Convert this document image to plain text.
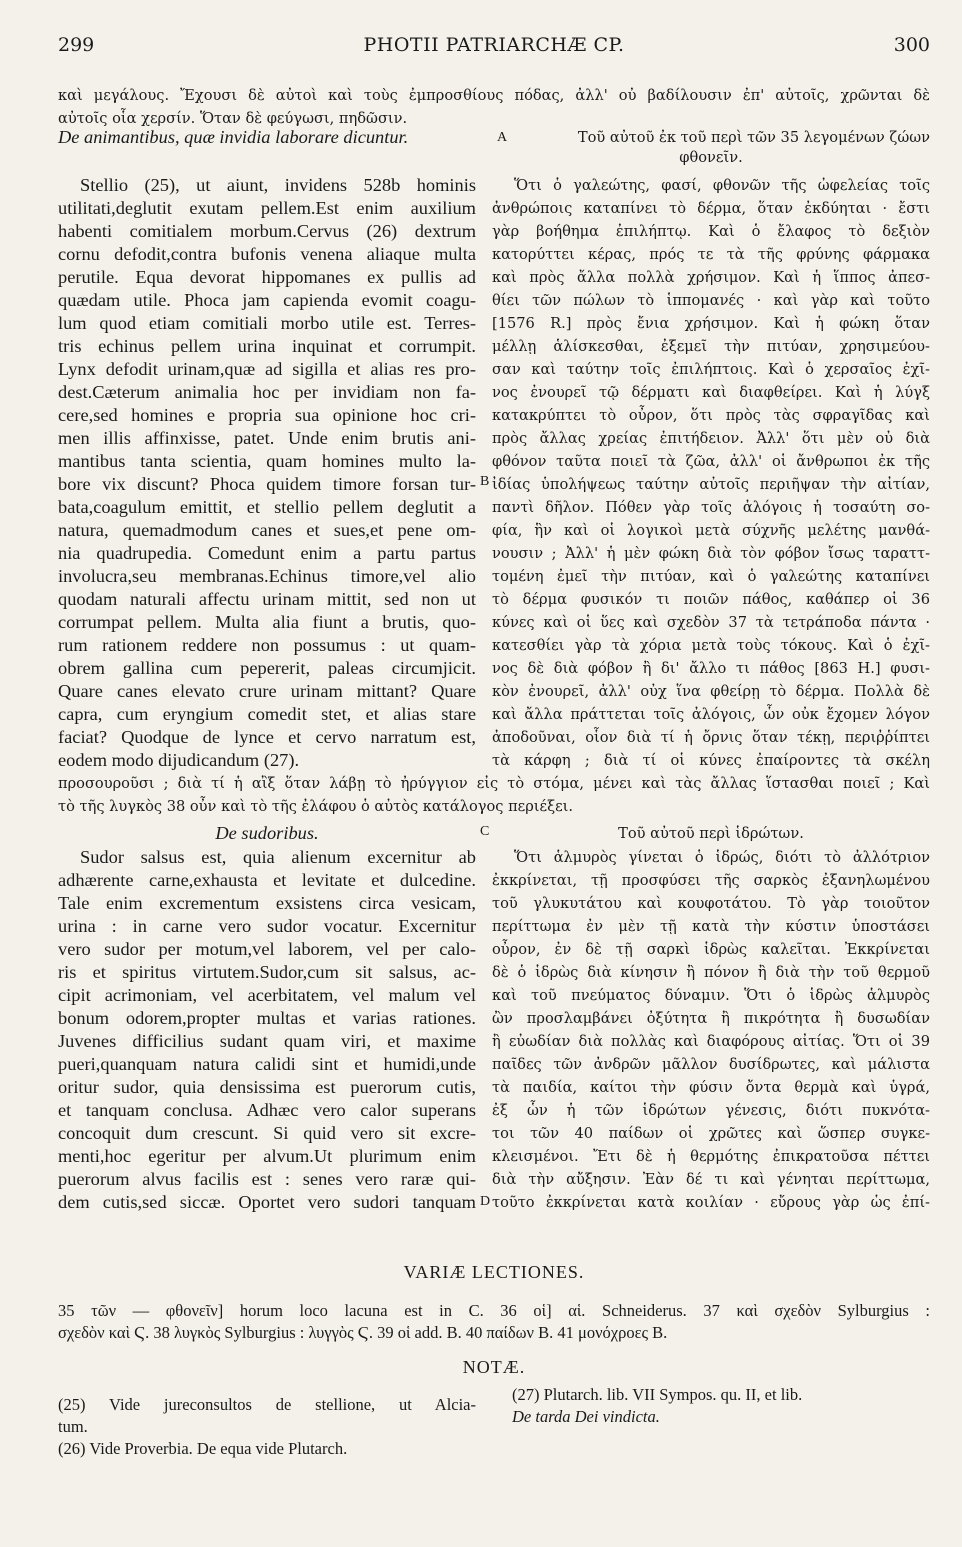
299	PHOTII PATRIARCHÆ CP.	300
καὶ μεγάλους. Ἔχουσι δὲ αὐτοὶ καὶ τοὺς ἐμπροσθίους πόδας, ἀλλ' οὐ βαδίλουσιν ἐπ' αὐτοῖς, χρῶνται δὲ
αὐτοῖς οἷα χερσίν. Ὅταν δὲ φεύγωσι, πηδῶσιν.
De animantibus, quæ invidia laborare dicuntur.	A	Τοῦ αὐτοῦ ἐκ τοῦ περὶ τῶν 35 λεγομένων ζώων
φθονεῖν.
Stellio (25), ut aiunt, invidens 528b hominis
utilitati,deglutit exutam pellem.Est enim auxilium
habenti comitialem morbum.Cervus (26) dextrum
cornu defodit,contra bufonis venena aliaque multa
perutile. Equa devorat hippomanes ex pullis ad
quædam utile. Phoca jam capienda evomit coagu-
lum quod etiam comitiali morbo utile est. Terres-
tris echinus pellem urina inquinat et corrumpit.
Lynx defodit urinam,quæ ad sigilla et alias res pro-
dest.Cæterum animalia hoc per invidiam non fa-
cere,sed homines e propria sua opinione hoc cri-
men illis affinxisse, patet. Unde enim brutis ani-
mantibus tanta scientia, quam homines multo la-
bore vix discunt? Phoca quidem timore forsan tur-
bata,coagulum emittit, et stellio pellem deglutit a
natura, quemadmodum canes et sues,et pene om-
nia quadrupedia. Comedunt enim a partu partus
involucra,seu membranas.Echinus timore,vel alio
quodam naturali affectu urinam mittit, sed non ut
corrumpat pellem. Multa alia fiunt a brutis, quo-
rum rationem reddere non possumus : ut quam-
obrem gallina cum pepererit, paleas circumjicit.
Quare canes elevato crure urinam mittant? Quare
capra, cum eryngium comedit stet, et alias stare
faciat? Quodque de lynce et cervo narratum est,
eodem modo dijudicandum (27).
B
Ὅτι ὁ γαλεώτης, φασί, φθονῶν τῆς ὠφελείας τοῖς
ἀνθρώποις καταπίνει τὸ δέρμα, ὅταν ἐκδύηται · ἔστι
γὰρ βοήθημα ἐπιλήπτῳ. Καὶ ὁ ἔλαφος τὸ δεξιὸν
κατορύττει κέρας, πρός τε τὰ τῆς φρύνης φάρμακα
καὶ πρὸς ἄλλα πολλὰ χρήσιμον. Καὶ ἡ ἵππος ἀπεσ-
θίει τῶν πώλων τὸ ἱππομανές · καὶ γὰρ καὶ τοῦτο
[1576 R.] πρὸς ἔνια χρήσιμον. Καὶ ἡ φώκη ὅταν
μέλλῃ ἁλίσκεσθαι, ἐξεμεῖ τὴν πιτύαν, χρησιμεύου-
σαν καὶ ταύτην τοῖς ἐπιλήπτοις. Καὶ ὁ χερσαῖος ἐχῖ-
νος ἐνουρεῖ τῷ δέρματι καὶ διαφθείρει. Καὶ ἡ λύγξ
κατακρύπτει τὸ οὖρον, ὅτι πρὸς τὰς σφραγῖδας καὶ
πρὸς ἄλλας χρείας ἐπιτήδειον. Ἀλλ' ὅτι μὲν οὐ διὰ
φθόνον ταῦτα ποιεῖ τὰ ζῶα, ἀλλ' οἱ ἄνθρωποι ἐκ τῆς
ἰδίας ὑπολήψεως ταύτην αὐτοῖς περιῆψαν τὴν αἰτίαν,
παντὶ δῆλον. Πόθεν γὰρ τοῖς ἀλόγοις ἡ τοσαύτη σο-
φία, ἣν καὶ οἱ λογικοὶ μετὰ σύχνῆς μελέτης μανθά-
νουσιν ; Ἀλλ' ἡ μὲν φώκη διὰ τὸν φόβον ἴσως ταραττ-
τομένη ἐμεῖ τὴν πιτύαν, καὶ ὁ γαλεώτης καταπίνει
τὸ δέρμα φυσικόν τι ποιῶν πάθος, καθάπερ οἱ 36
κύνες καὶ οἱ ὕες καὶ σχεδὸν 37 τὰ τετράποδα πάντα ·
κατεσθίει γὰρ τὰ χόρια μετὰ τοὺς τόκους. Καὶ ὁ ἐχῖ-
νος δὲ διὰ φόβον ἢ δι' ἄλλο τι πάθος [863 H.] φυσι-
κὸν ἐνουρεῖ, ἀλλ' οὐχ ἵνα φθείρῃ τὸ δέρμα. Πολλὰ δὲ
καὶ ἄλλα πράττεται τοῖς ἀλόγοις, ὧν οὐκ ἔχομεν λόγον
ἀποδοῦναι, οἷον διὰ τί ἡ ὄρνις ὅταν τέκῃ, περιῤῥίπτει
τὰ κάρφη ; διὰ τί οἱ κύνες ἐπαίροντες τὰ σκέλη
προσουροῦσι ; διὰ τί ἡ αἲξ ὅταν λάβῃ τὸ ἠρύγγιον εἰς τὸ στόμα, μένει καὶ τὰς ἄλλας ἵστασθαι ποιεῖ ; Καὶ
τὸ τῆς λυγκὸς 38 οὖν καὶ τὸ τῆς ἐλάφου ὁ αὐτὸς κατάλογος περιέξει.
De sudoribus.	C	Τοῦ αὐτοῦ περὶ ἱδρώτων.
Sudor salsus est, quia alienum excernitur ab
adhærente carne,exhausta et levitate et dulcedine.
Tale enim excrementum exsistens circa vesicam,
urina : in carne vero sudor vocatur. Excernitur
vero sudor per motum,vel laborem, vel per calo-
ris et spiritus virtutem.Sudor,cum sit salsus, ac-
cipit acrimoniam, vel acerbitatem, vel malum vel
bonum odorem,propter multas et varias rationes.
Juvenes difficilius sudant quam viri, et maxime
pueri,quanquam natura calidi sint et humidi,unde
oritur sudor, quia densissima est puerorum cutis,
et tanquam conclusa. Adhæc vero calor superans
concoquit dum crescunt. Si quid vero sit excre-
menti,hoc egeritur per alvum.Ut plurimum enim
puerorum alvus facilis est : senes vero raræ qui-
dem cutis,sed siccæ. Oportet vero sudori tanquam D
Ὅτι ἁλμυρὸς γίνεται ὁ ἱδρώς, διότι τὸ ἀλλότριον
ἐκκρίνεται, τῇ προσφύσει τῆς σαρκὸς ἐξανηλωμένου
τοῦ γλυκυτάτου καὶ κουφοτάτου. Τὸ γὰρ τοιοῦτον
περίττωμα ἐν μὲν τῇ κατὰ τὴν κύστιν ὑποστάσει
οὖρον, ἐν δὲ τῇ σαρκὶ ἱδρὼς καλεῖται. Ἐκκρίνεται
δὲ ὁ ἱδρὼς διὰ κίνησιν ἢ πόνον ἢ διὰ τὴν τοῦ θερμοῦ
καὶ τοῦ πνεύματος δύναμιν. Ὅτι ὁ ἱδρὼς ἁλμυρὸς
ὢν προσλαμβάνει ὀξύτητα ἢ πικρότητα ἢ δυσωδίαν
ἢ εὐωδίαν διὰ πολλὰς καὶ διαφόρους αἰτίας. Ὅτι οἱ 39
παῖδες τῶν ἀνδρῶν μᾶλλον δυσίδρωτες, καὶ μάλιστα
τὰ παιδία, καίτοι τὴν φύσιν ὄντα θερμὰ καὶ ὑγρά,
ἐξ ὧν ἡ τῶν ἱδρώτων γένεσις, διότι πυκνότα-
τοι τῶν 40 παίδων οἱ χρῶτες καὶ ὥσπερ συγκε-
κλεισμένοι. Ἔτι δὲ ἡ θερμότης ἐπικρατοῦσα πέττει
διὰ τὴν αὔξησιν. Ἐὰν δέ τι καὶ γένηται περίττωμα,
τοῦτο ἐκκρίνεται κατὰ κοιλίαν · εὔρους γὰρ ὡς ἐπί-
VARIÆ LECTIONES.
35 τῶν — φθονεῖν] horum loco lacuna est in C. 36 οἱ] αἱ. Schneiderus. 37 καὶ σχεδὸν Sylburgius :
σχεδὸν καὶ Ϛ. 38 λυγκὸς Sylburgius : λυγγὸς Ϛ. 39 οἱ add. B. 40 παίδων B. 41 μονόχροες B.
NOTÆ.
(25) Vide jureconsultos de stellione, ut Alcia-
tum.
(26) Vide Proverbia. De equa vide Plutarch.
(27) Plutarch. lib. VII Sympos. qu. II, et lib.
De tarda Dei vindicta.
